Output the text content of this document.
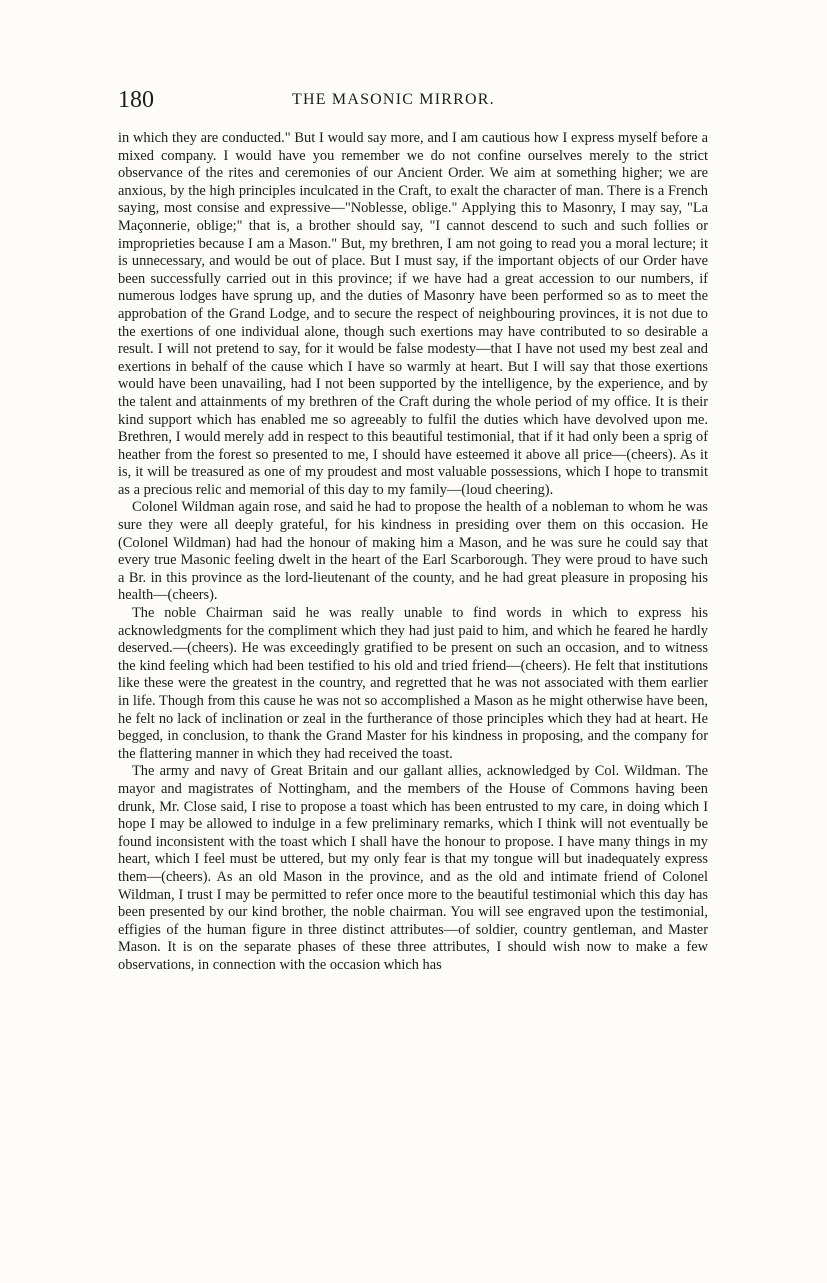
180	THE MASONIC MIRROR.

in which they are conducted." But I would say more, and I am cautious how I express myself before a mixed company. I would have you remember we do not confine ourselves merely to the strict observance of the rites and ceremonies of our Ancient Order. We aim at something higher; we are anxious, by the high principles inculcated in the Craft, to exalt the character of man. There is a French saying, most consise and expressive—"Noblesse, oblige." Applying this to Masonry, I may say, "La Maçonnerie, oblige;" that is, a brother should say, "I cannot descend to such and such follies or improprieties because I am a Mason." But, my brethren, I am not going to read you a moral lecture; it is unnecessary, and would be out of place. But I must say, if the important objects of our Order have been successfully carried out in this province; if we have had a great accession to our numbers, if numerous lodges have sprung up, and the duties of Masonry have been performed so as to meet the approbation of the Grand Lodge, and to secure the respect of neighbouring provinces, it is not due to the exertions of one individual alone, though such exertions may have contributed to so desirable a result. I will not pretend to say, for it would be false modesty—that I have not used my best zeal and exertions in behalf of the cause which I have so warmly at heart. But I will say that those exertions would have been unavailing, had I not been supported by the intelligence, by the experience, and by the talent and attainments of my brethren of the Craft during the whole period of my office. It is their kind support which has enabled me so agreeably to fulfil the duties which have devolved upon me. Brethren, I would merely add in respect to this beautiful testimonial, that if it had only been a sprig of heather from the forest so presented to me, I should have esteemed it above all price—(cheers). As it is, it will be treasured as one of my proudest and most valuable possessions, which I hope to transmit as a precious relic and memorial of this day to my family—(loud cheering).

Colonel Wildman again rose, and said he had to propose the health of a nobleman to whom he was sure they were all deeply grateful, for his kindness in presiding over them on this occasion. He (Colonel Wildman) had had the honour of making him a Mason, and he was sure he could say that every true Masonic feeling dwelt in the heart of the Earl Scarborough. They were proud to have such a Br. in this province as the lord-lieutenant of the county, and he had great pleasure in proposing his health—(cheers).

The noble Chairman said he was really unable to find words in which to express his acknowledgments for the compliment which they had just paid to him, and which he feared he hardly deserved.—(cheers). He was exceedingly gratified to be present on such an occasion, and to witness the kind feeling which had been testified to his old and tried friend—(cheers). He felt that institutions like these were the greatest in the country, and regretted that he was not associated with them earlier in life. Though from this cause he was not so accomplished a Mason as he might otherwise have been, he felt no lack of inclination or zeal in the furtherance of those principles which they had at heart. He begged, in conclusion, to thank the Grand Master for his kindness in proposing, and the company for the flattering manner in which they had received the toast.

The army and navy of Great Britain and our gallant allies, acknowledged by Col. Wildman. The mayor and magistrates of Nottingham, and the members of the House of Commons having been drunk, Mr. Close said, I rise to propose a toast which has been entrusted to my care, in doing which I hope I may be allowed to indulge in a few preliminary remarks, which I think will not eventually be found inconsistent with the toast which I shall have the honour to propose. I have many things in my heart, which I feel must be uttered, but my only fear is that my tongue will but inadequately express them—(cheers). As an old Mason in the province, and as the old and intimate friend of Colonel Wildman, I trust I may be permitted to refer once more to the beautiful testimonial which this day has been presented by our kind brother, the noble chairman. You will see engraved upon the testimonial, effigies of the human figure in three distinct attributes—of soldier, country gentleman, and Master Mason. It is on the separate phases of these three attributes, I should wish now to make a few observations, in connection with the occasion which has
